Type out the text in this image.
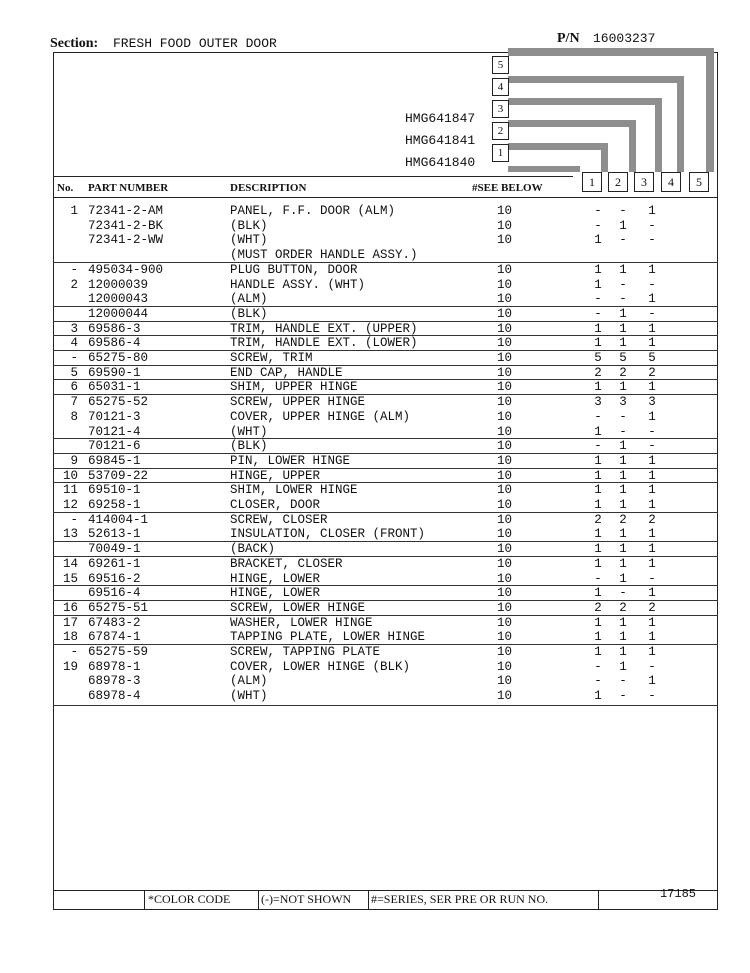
Section: FRESH FOOD OUTER DOOR	P/N 16003237
HMG641847
HMG641841
HMG641840
5
4
3
2
1
1	2	3	4	5
No. PART NUMBER	DESCRIPTION	#SEE BELOW
1 72341-2-AM	PANEL, F.F. DOOR (ALM)	10	- - 1
72341-2-BK	(BLK)	10	- 1 -
72341-2-WW	(WHT)	10	1 - -
(MUST ORDER HANDLE ASSY.)
- 495034-900	PLUG BUTTON, DOOR	10	1 1 1
2 12000039	HANDLE ASSY. (WHT)	10	1 - -
12000043	(ALM)	10	- - 1
12000044	(BLK)	10	- 1 -
3 69586-3	TRIM, HANDLE EXT. (UPPER)	10	1 1 1
4 69586-4	TRIM, HANDLE EXT. (LOWER)	10	1 1 1
- 65275-80	SCREW, TRIM	10	5 5 5
5 69590-1	END CAP, HANDLE	10	2 2 2
6 65031-1	SHIM, UPPER HINGE	10	1 1 1
7 65275-52	SCREW, UPPER HINGE	10	3 3 3
8 70121-3	COVER, UPPER HINGE (ALM)	10	- - 1
70121-4	(WHT)	10	1 - -
70121-6	(BLK)	10	- 1 -
9 69845-1	PIN, LOWER HINGE	10	1 1 1
10 53709-22	HINGE, UPPER	10	1 1 1
11 69510-1	SHIM, LOWER HINGE	10	1 1 1
12 69258-1	CLOSER, DOOR	10	1 1 1
- 414004-1	SCREW, CLOSER	10	2 2 2
13 52613-1	INSULATION, CLOSER (FRONT)	10	1 1 1
70049-1	(BACK)	10	1 1 1
14 69261-1	BRACKET, CLOSER	10	1 1 1
15 69516-2	HINGE, LOWER	10	- 1 -
69516-4	HINGE, LOWER	10	1 - 1
16 65275-51	SCREW, LOWER HINGE	10	2 2 2
17 67483-2	WASHER, LOWER HINGE	10	1 1 1
18 67874-1	TAPPING PLATE, LOWER HINGE	10	1 1 1
- 65275-59	SCREW, TAPPING PLATE	10	1 1 1
19 68978-1	COVER, LOWER HINGE (BLK)	10	- 1 -
68978-3	(ALM)	10	- - 1
68978-4	(WHT)	10	1 - -
*COLOR CODE	(-)=NOT SHOWN #=SERIES, SER PRE OR RUN NO.	17185
